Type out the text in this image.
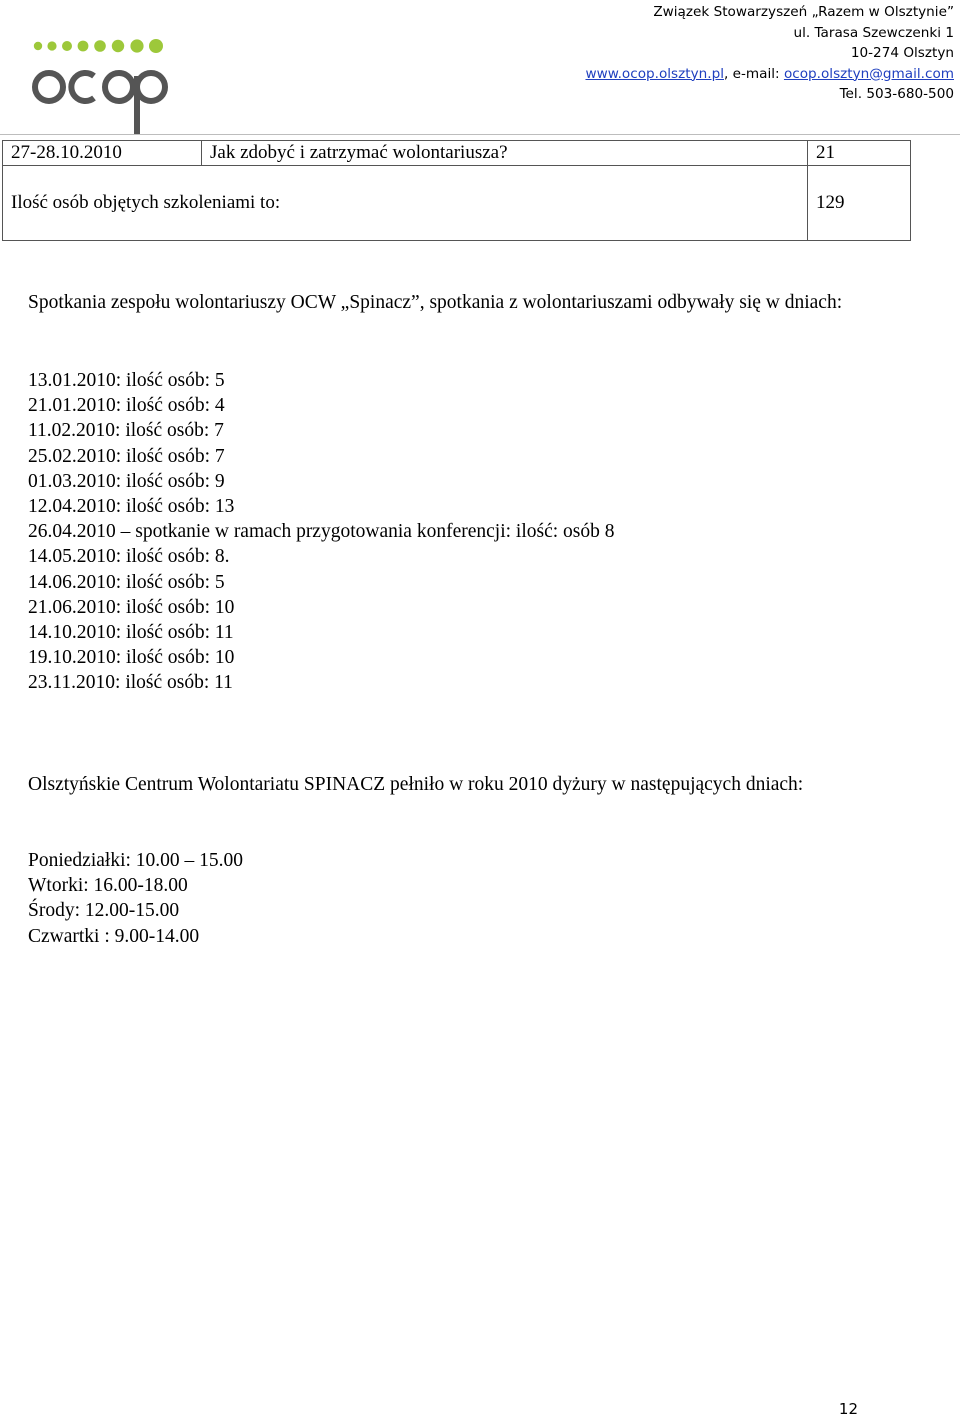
Związek Stowarzyszeń „Razem w Olsztynie”
ul. Tarasa Szewczenki 1
10-274 Olsztyn
www.ocop.olsztyn.pl, e-mail: ocop.olsztyn@gmail.com
Tel. 503-680-500
27-28.10.2010	Jak zdobyć i zatrzymać wolontariusza?	21
Ilość osób objętych szkoleniami to:		129

Spotkania zespołu wolontariuszy OCW „Spinacz”, spotkania z wolontariuszami odbywały się w dniach:

13.01.2010: ilość osób: 5
21.01.2010: ilość osób: 4
11.02.2010: ilość osób: 7
25.02.2010: ilość osób: 7
01.03.2010: ilość osób: 9
12.04.2010: ilość osób: 13
26.04.2010 – spotkanie w ramach przygotowania konferencji: ilość: osób 8
14.05.2010: ilość osób: 8.
14.06.2010: ilość osób: 5
21.06.2010: ilość osób: 10
14.10.2010: ilość osób: 11
19.10.2010: ilość osób: 10
23.11.2010: ilość osób: 11

Olsztyńskie Centrum Wolontariatu SPINACZ pełniło w roku 2010 dyżury w następujących dniach:

Poniedziałki: 10.00 – 15.00
Wtorki: 16.00-18.00
Środy: 12.00-15.00
Czwartki : 9.00-14.00
12
